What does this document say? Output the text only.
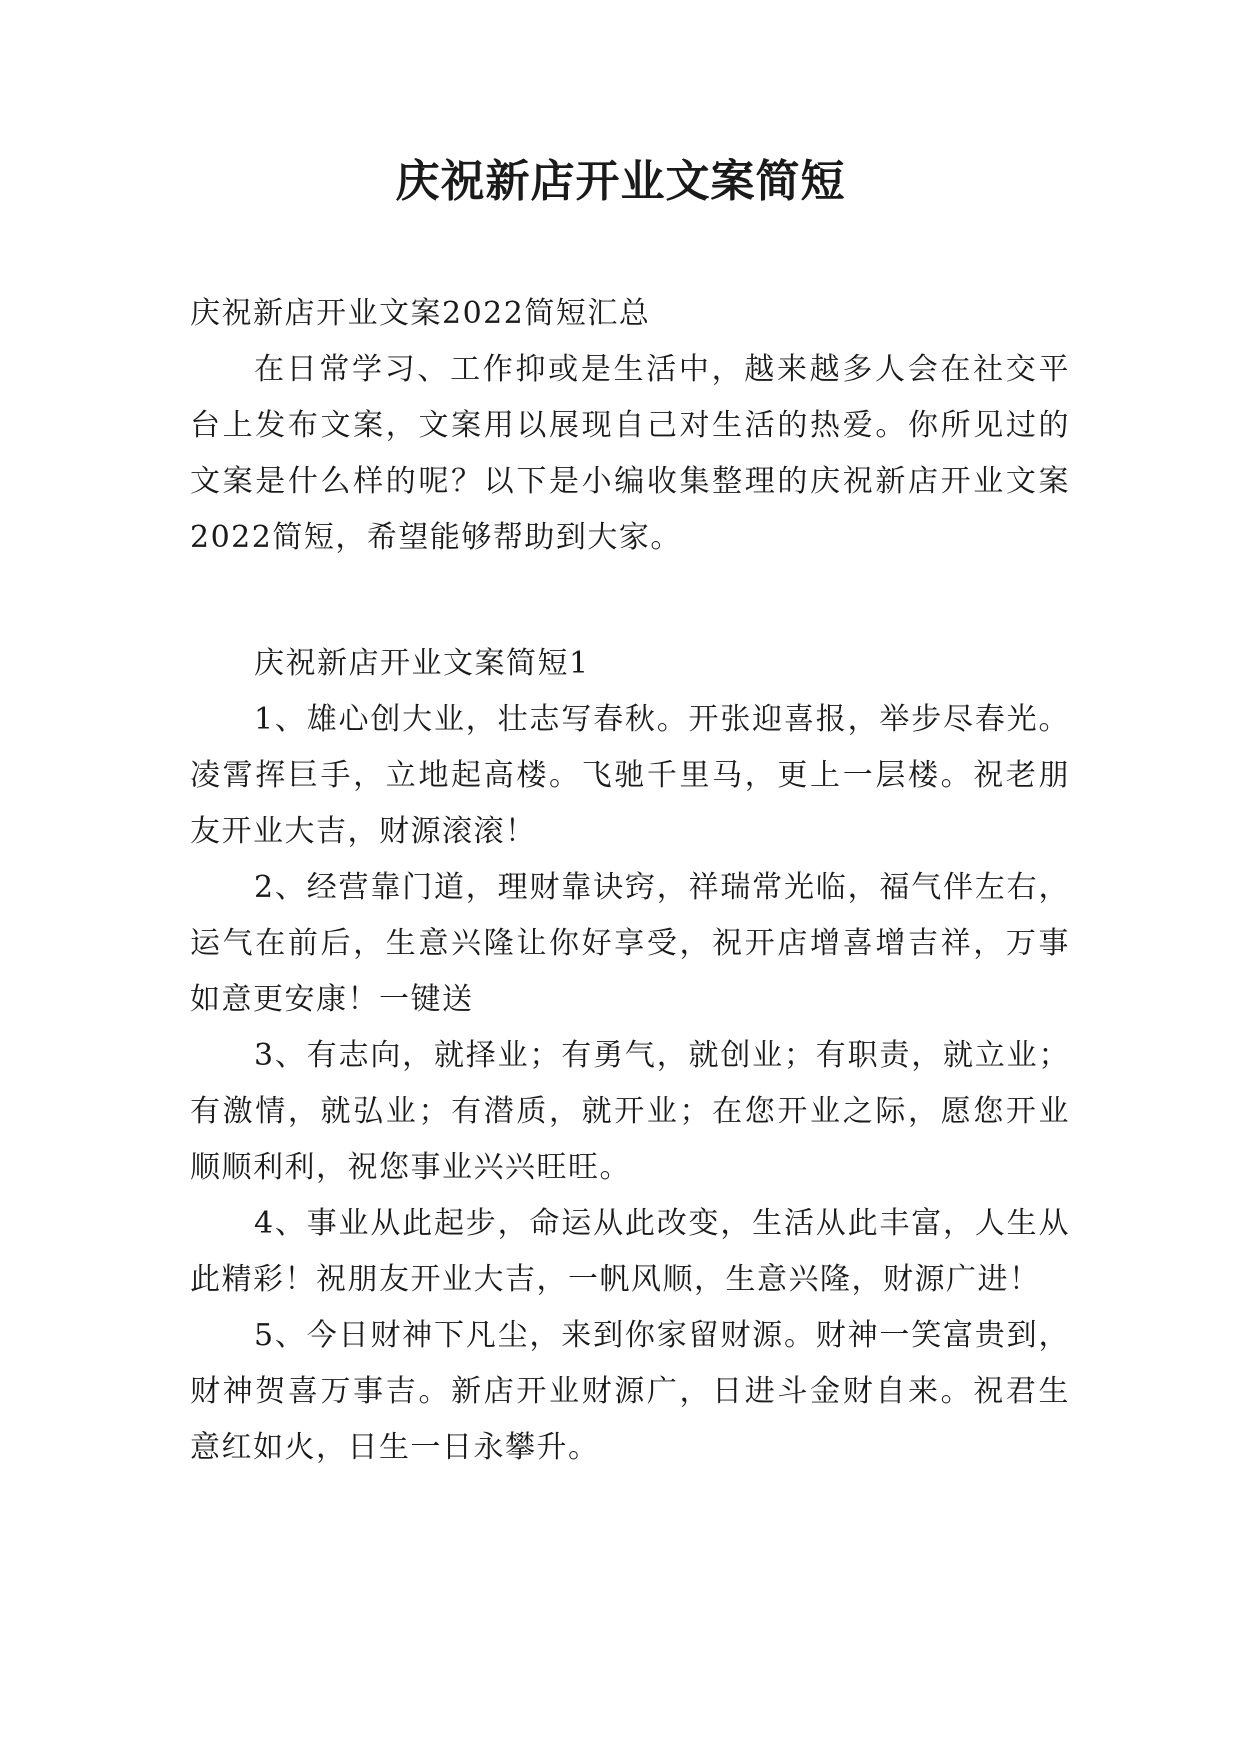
庆祝新店开业文案简短

庆祝新店开业文案2022简短汇总

在日常学习、工作抑或是生活中，越来越多人会在社交平台上发布文案，文案用以展现自己对生活的热爱。你所见过的文案是什么样的呢？以下是小编收集整理的庆祝新店开业文案2022简短，希望能够帮助到大家。

庆祝新店开业文案简短1

1、雄心创大业，壮志写春秋。开张迎喜报，举步尽春光。凌霄挥巨手，立地起高楼。飞驰千里马，更上一层楼。祝老朋友开业大吉，财源滚滚！

2、经营靠门道，理财靠诀窍，祥瑞常光临，福气伴左右，运气在前后，生意兴隆让你好享受，祝开店增喜增吉祥，万事如意更安康！一键送

3、有志向，就择业；有勇气，就创业；有职责，就立业；有激情，就弘业；有潜质，就开业；在您开业之际，愿您开业顺顺利利，祝您事业兴兴旺旺。

4、事业从此起步，命运从此改变，生活从此丰富，人生从此精彩！祝朋友开业大吉，一帆风顺，生意兴隆，财源广进！

5、今日财神下凡尘，来到你家留财源。财神一笑富贵到，财神贺喜万事吉。新店开业财源广，日进斗金财自来。祝君生意红如火，日生一日永攀升。
